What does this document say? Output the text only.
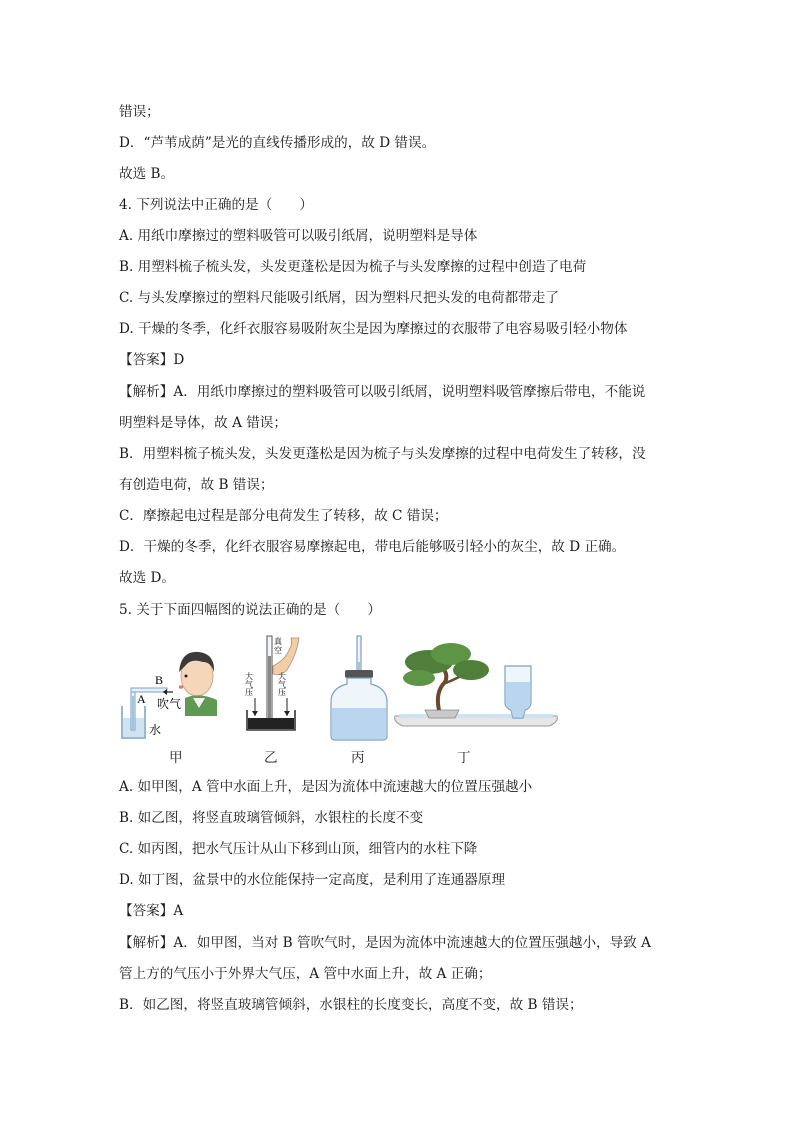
错误；
D．“芦苇成荫”是光的直线传播形成的，故 D 错误。
故选 B。
4. 下列说法中正确的是（　　）
A. 用纸巾摩擦过的塑料吸管可以吸引纸屑，说明塑料是导体
B. 用塑料梳子梳头发，头发更蓬松是因为梳子与头发摩擦的过程中创造了电荷
C. 与头发摩擦过的塑料尺能吸引纸屑，因为塑料尺把头发的电荷都带走了
D. 干燥的冬季，化纤衣服容易吸附灰尘是因为摩擦过的衣服带了电容易吸引轻小物体
【答案】D
【解析】A．用纸巾摩擦过的塑料吸管可以吸引纸屑，说明塑料吸管摩擦后带电，不能说
明塑料是导体，故 A 错误；
B．用塑料梳子梳头发，头发更蓬松是因为梳子与头发摩擦的过程中电荷发生了转移，没
有创造电荷，故 B 错误；
C．摩擦起电过程是部分电荷发生了转移，故 C 错误；
D．干燥的冬季，化纤衣服容易摩擦起电，带电后能够吸引轻小的灰尘，故 D 正确。
故选 D。
5. 关于下面四幅图的说法正确的是（　　）
B
A 吹气
水
真
空
大气压	大气压
甲	乙	丙	丁
A. 如甲图，A 管中水面上升，是因为流体中流速越大的位置压强越小
B. 如乙图，将竖直玻璃管倾斜，水银柱的长度不变
C. 如丙图，把水气压计从山下移到山顶，细管内的水柱下降
D. 如丁图，盆景中的水位能保持一定高度，是利用了连通器原理
【答案】A
【解析】A．如甲图，当对 B 管吹气时，是因为流体中流速越大的位置压强越小，导致 A
管上方的气压小于外界大气压，A 管中水面上升，故 A 正确；
B．如乙图，将竖直玻璃管倾斜，水银柱的长度变长，高度不变，故 B 错误；
